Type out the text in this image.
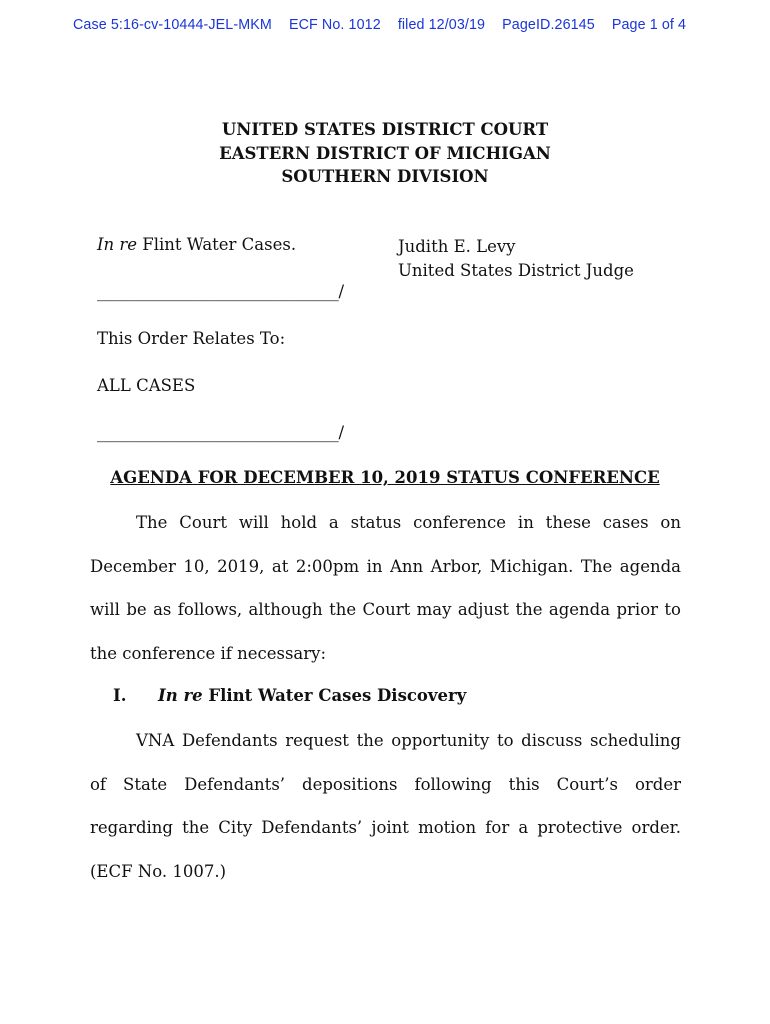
Case 5:16-cv-10444-JEL-MKM ECF No. 1012 filed 12/03/19 PageID.26145 Page 1 of 4
UNITED STATES DISTRICT COURT
EASTERN DISTRICT OF MICHIGAN
SOUTHERN DIVISION
In re Flint Water Cases.	Judith E. Levy
United States District Judge
______________________________/
This Order Relates To:
ALL CASES
______________________________/
AGENDA FOR DECEMBER 10, 2019 STATUS CONFERENCE

The Court will hold a status conference in these cases on December 10, 2019, at 2:00pm in Ann Arbor, Michigan. The agenda will be as follows, although the Court may adjust the agenda prior to the conference if necessary:

I. In re Flint Water Cases Discovery

VNA Defendants request the opportunity to discuss scheduling of State Defendants’ depositions following this Court’s order regarding the City Defendants’ joint motion for a protective order. (ECF No. 1007.)
